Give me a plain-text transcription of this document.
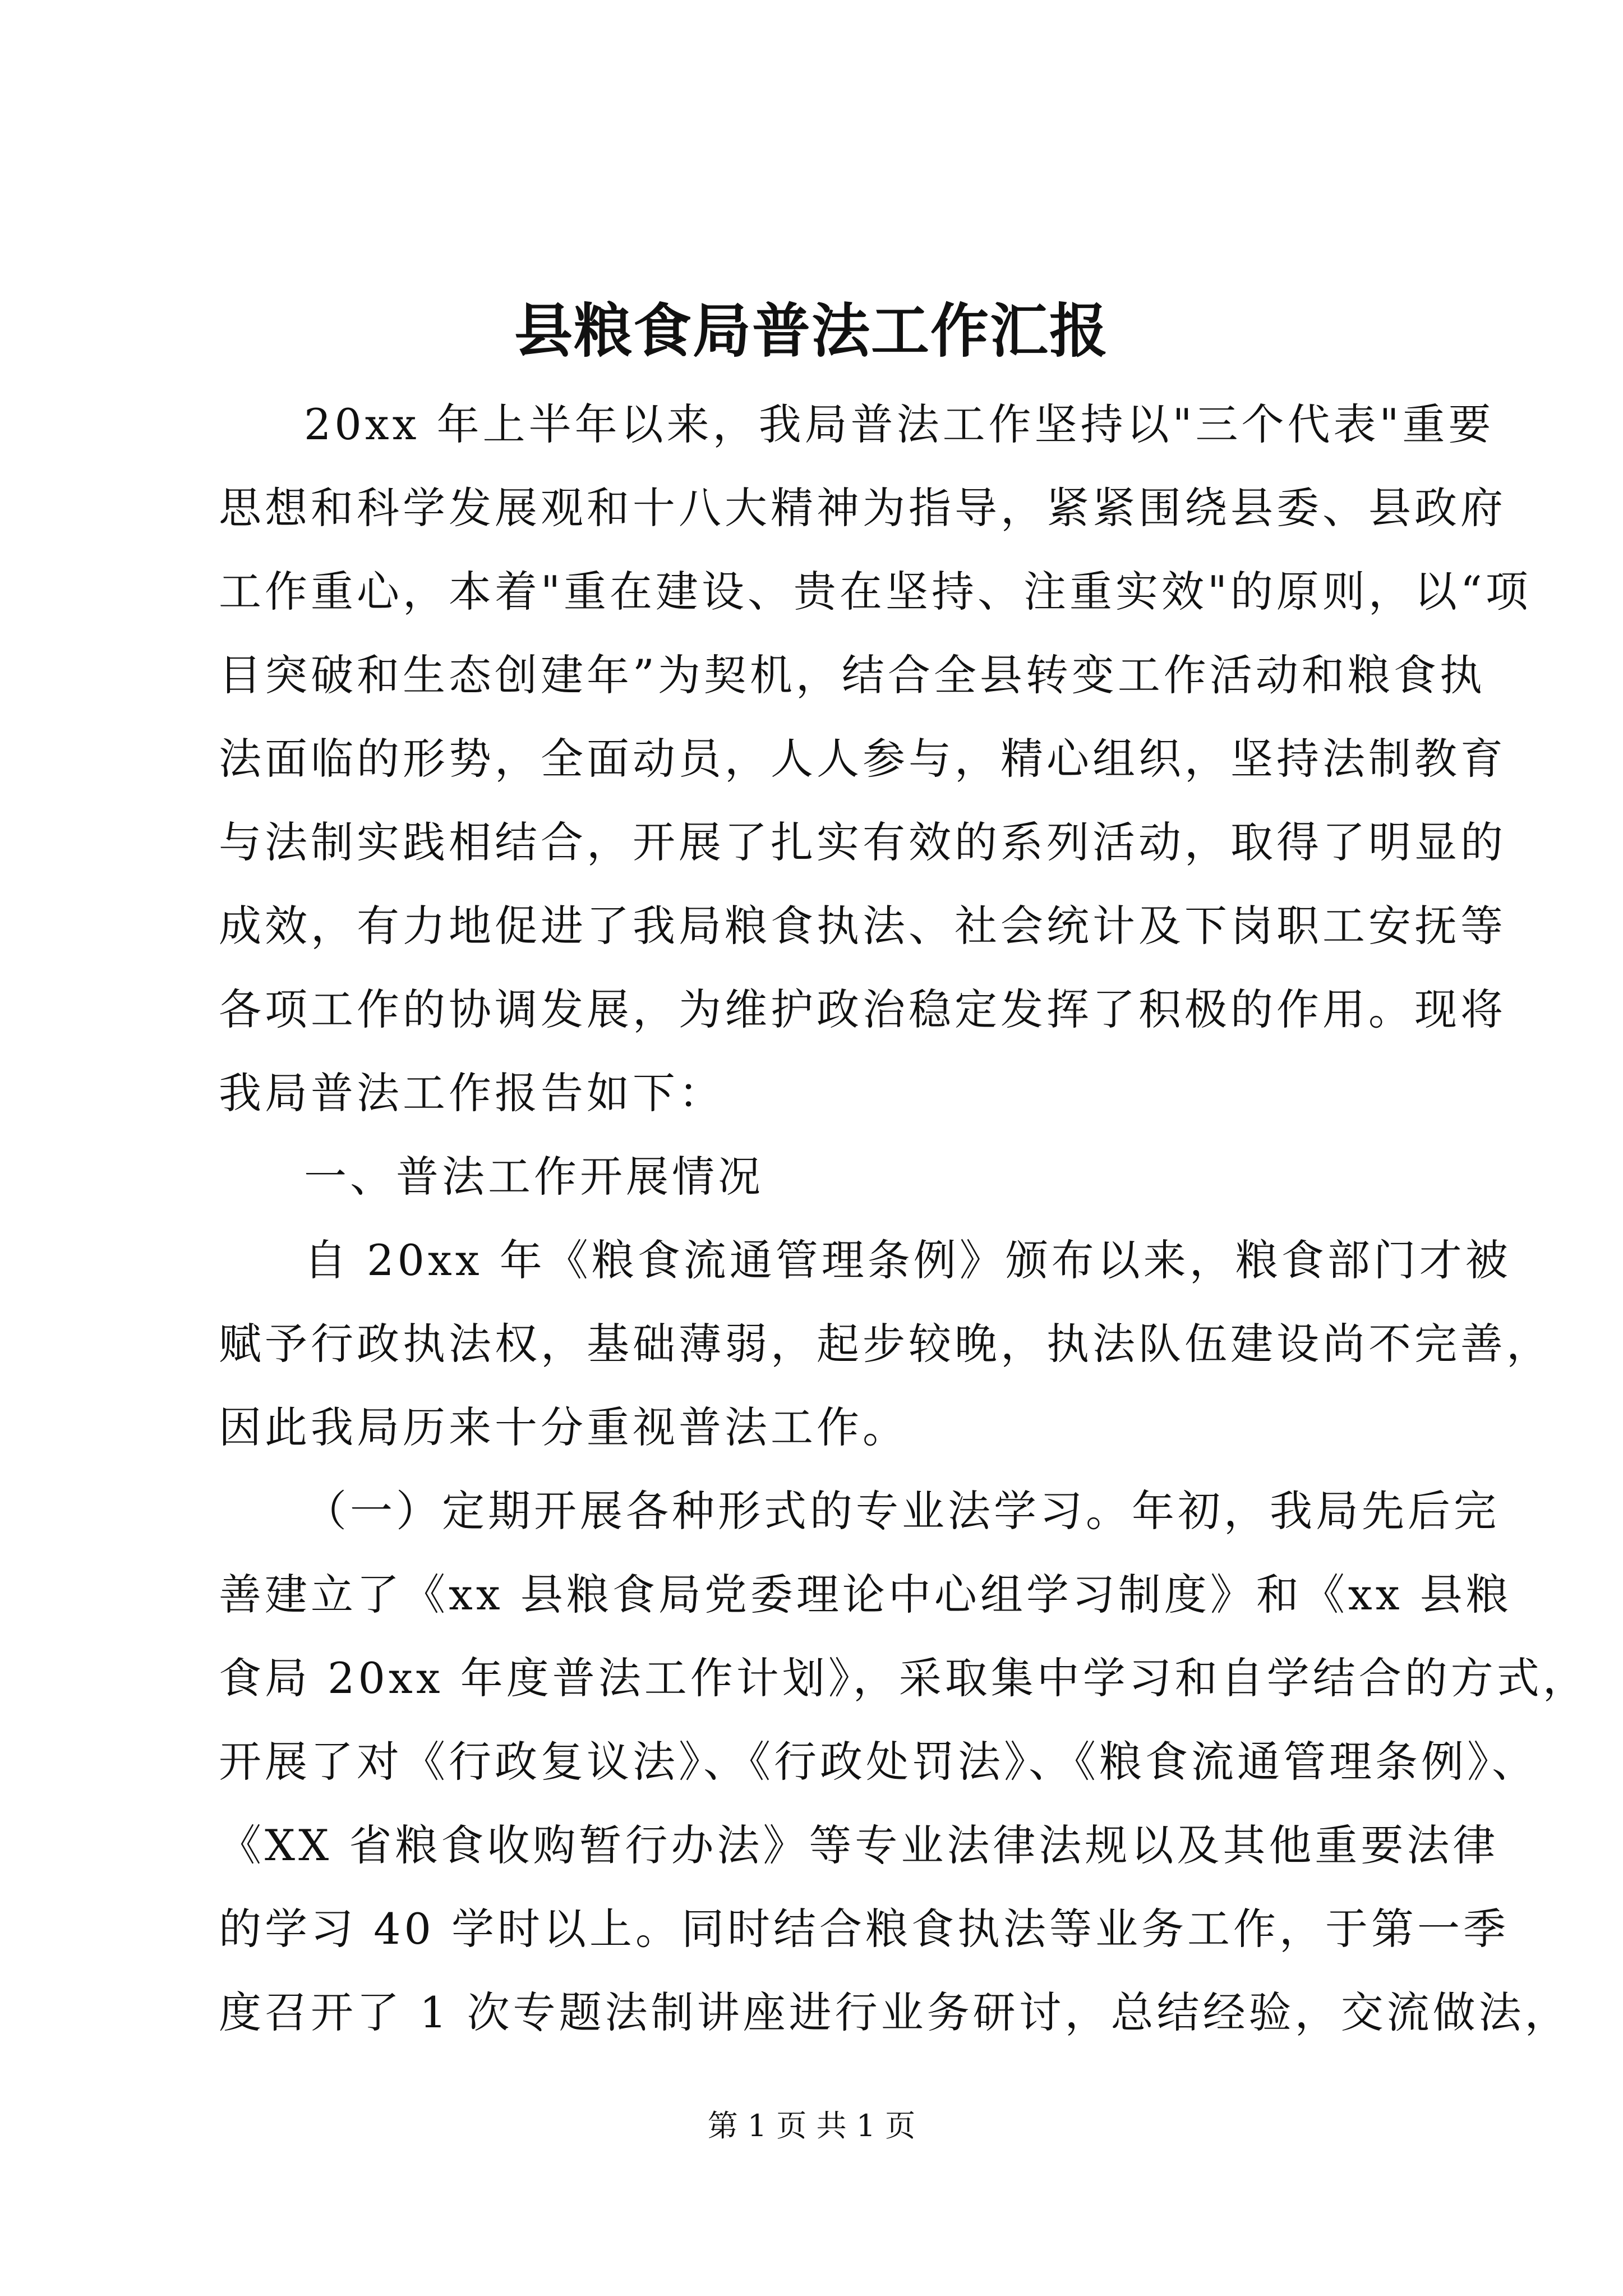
县粮食局普法工作汇报
20xx 年上半年以来，我局普法工作坚持以"三个代表"重要
思想和科学发展观和十八大精神为指导，紧紧围绕县委、县政府
工作重心，本着"重在建设、贵在坚持、注重实效"的原则，以“项
目突破和生态创建年”为契机，结合全县转变工作活动和粮食执
法面临的形势，全面动员，人人参与，精心组织，坚持法制教育
与法制实践相结合，开展了扎实有效的系列活动，取得了明显的
成效，有力地促进了我局粮食执法、社会统计及下岗职工安抚等
各项工作的协调发展，为维护政治稳定发挥了积极的作用。现将
我局普法工作报告如下：
一、普法工作开展情况
自 20xx 年《粮食流通管理条例》颁布以来，粮食部门才被
赋予行政执法权，基础薄弱，起步较晚，执法队伍建设尚不完善，
因此我局历来十分重视普法工作。
（一）定期开展各种形式的专业法学习。年初，我局先后完
善建立了《xx 县粮食局党委理论中心组学习制度》和《xx 县粮
食局 20xx 年度普法工作计划》，采取集中学习和自学结合的方式，
开展了对《行政复议法》、《行政处罚法》、《粮食流通管理条例》、
《XX 省粮食收购暂行办法》等专业法律法规以及其他重要法律
的学习 40 学时以上。同时结合粮食执法等业务工作，于第一季
度召开了 1 次专题法制讲座进行业务研讨，总结经验，交流做法，
第 1 页 共 1 页
